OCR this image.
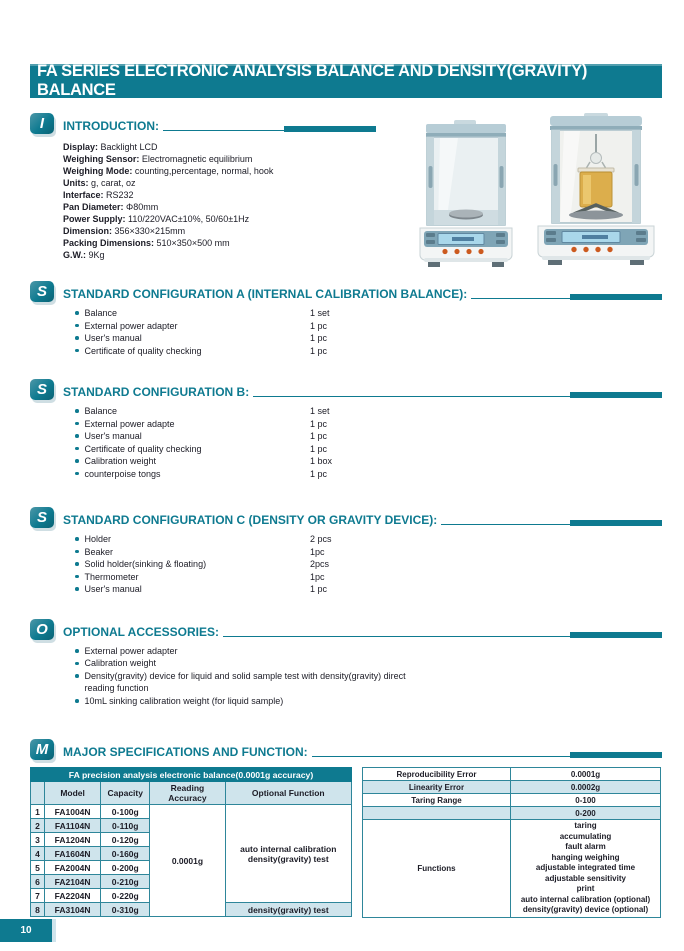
FA SERIES ELECTRONIC ANALYSIS BALANCE AND DENSITY(GRAVITY) BALANCE
I	INTRODUCTION:
Display: Backlight LCD
Weighing Sensor: Electromagnetic equilibrium
Weighing Mode: counting,percentage, normal, hook
Units: g, carat, oz
Interface: RS232
Pan Diameter: Φ80mm
Power Supply: 110/220VAC±10%, 50/60±1Hz
Dimension: 356×330×215mm
Packing Dimensions: 510×350×500 mm
G.W.: 9Kg
S	STANDARD CONFIGURATION A (INTERNAL CALIBRATION BALANCE):
Balance	1 set
External power adapter	1 pc
User's manual	1 pc
Certificate of quality checking	1 pc
S	STANDARD CONFIGURATION B:
Balance	1 set
External power adapte	1 pc
User's manual	1 pc
Certificate of quality checking	1 pc
Calibration weight	1 box
counterpoise tongs	1 pc
S	STANDARD CONFIGURATION C (DENSITY OR GRAVITY DEVICE):
Holder	2 pcs
Beaker	1pc
Solid holder(sinking & floating)	2pcs
Thermometer	1pc
User's manual	1 pc
O	OPTIONAL ACCESSORIES:
External power adapter
Calibration weight
Density(gravity) device for liquid and solid sample test with density(gravity) direct reading function
10mL sinking calibration weight (for liquid sample)
M	MAJOR SPECIFICATIONS AND FUNCTION:
FA precision analysis electronic balance(0.0001g accuracy)				
	Model	Capacity	Reading Accuracy	Optional Function
1	FA1004N	0-100g	0.0001g	auto internal calibration
density(gravity) test

2	FA1104N	0-110g		
3	FA1204N	0-120g		
4	FA1604N	0-160g		
5	FA2004N	0-200g		
6	FA2104N	0-210g		
7	FA2204N	0-220g		
8	FA3104N	0-310g		density(gravity) test
Reproducibility Error	0.0001g
Linearity Error	0.0002g
Taring Range	0-100
	0-200
Functions	
taring
accumulating
fault alarm
hanging weighing
adjustable integrated time
adjustable sensitivity
print
auto internal calibration (optional)
density(gravity) device (optional)
10
